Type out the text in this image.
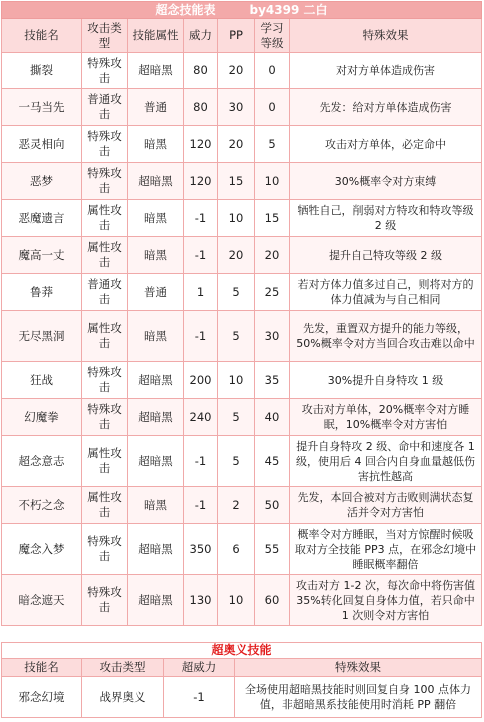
超念技能表 by4399 二白						
技能名	攻击类型	技能属性	威力	PP	学习等级	特殊效果
撕裂	特殊攻击	超暗黑	80	20	0	对对方单体造成伤害
一马当先	普通攻击	普通	80	30	0	先发：给对方单体造成伤害
恶灵相向	特殊攻击	暗黑	120	20	5	攻击对方单体，必定命中
恶梦	特殊攻击	超暗黑	120	15	10	30%概率令对方束缚
恶魔遗言	属性攻击	暗黑	-1	10	15	牺牲自己，削弱对方特攻和特攻等级 2 级
魔高一丈	属性攻击	暗黑	-1	20	20	提升自己特攻等级 2 级
鲁莽	普通攻击	普通	1	5	25	若对方体力值多过自己，则将对方的体力值减为与自己相同
无尽黑洞	属性攻击	暗黑	-1	5	30	先发，重置双方提升的能力等级，50%概率令对方当回合攻击难以命中
狂战	特殊攻击	超暗黑	200	10	35	30%提升自身特攻 1 级
幻魔拳	特殊攻击	超暗黑	240	5	40	攻击对方单体，20%概率令对方睡眠，10%概率令对方害怕
超念意志	属性攻击	超暗黑	-1	5	45	提升自身特攻 2 级、命中和速度各 1 级，使用后 4 回合内自身血量越低伤害抗性越高
不朽之念	属性攻击	暗黑	-1	2	50	先发，本回合被对方击败则满状态复活并令对方害怕
魔念入梦	特殊攻击	超暗黑	350	6	55	概率令对方睡眠，当对方惊醒时候吸取对方全技能 PP3 点，在邪念幻境中睡眠概率翻倍
暗念遮天	特殊攻击	超暗黑	130	10	60	攻击对方 1-2 次，每次命中将伤害值 35%转化回复自身体力值，若只命中 1 次则令对方害怕
超奥义技能			
技能名	攻击类型	超威力	特殊效果
邪念幻境	战界奥义	-1	全场使用超暗黑技能时则回复自身 100 点体力值，非超暗黑系技能使用时消耗 PP 翻倍
